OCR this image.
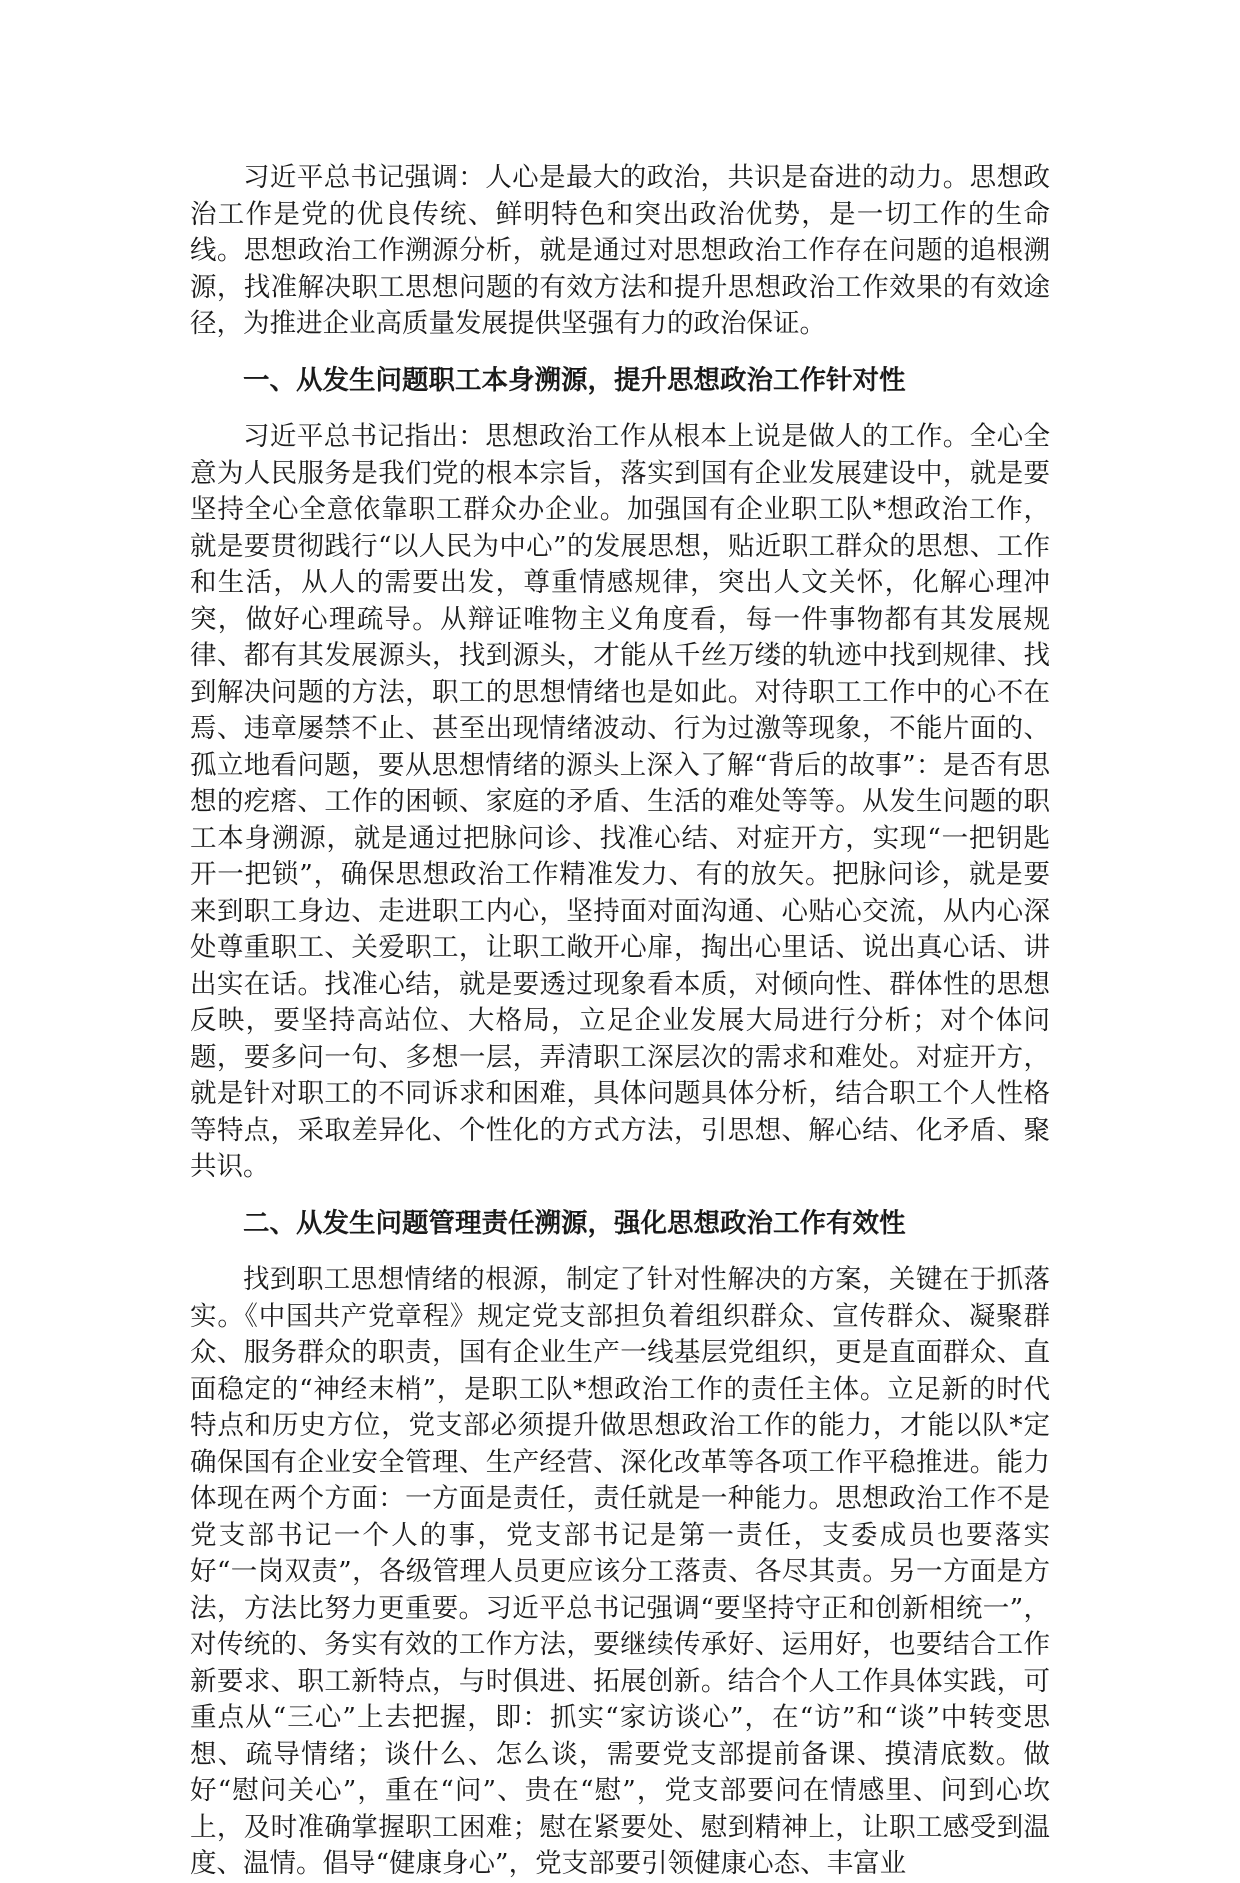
习近平总书记强调：人心是最大的政治，共识是奋进的动力。思想政治工作是党的优良传统、鲜明特色和突出政治优势，是一切工作的生命线。思想政治工作溯源分析，就是通过对思想政治工作存在问题的追根溯源，找准解决职工思想问题的有效方法和提升思想政治工作效果的有效途径，为推进企业高质量发展提供坚强有力的政治保证。

一、从发生问题职工本身溯源，提升思想政治工作针对性

习近平总书记指出：思想政治工作从根本上说是做人的工作。全心全意为人民服务是我们党的根本宗旨，落实到国有企业发展建设中，就是要坚持全心全意依靠职工群众办企业。加强国有企业职工队*想政治工作，就是要贯彻践行“以人民为中心”的发展思想，贴近职工群众的思想、工作和生活，从人的需要出发，尊重情感规律，突出人文关怀，化解心理冲突，做好心理疏导。从辩证唯物主义角度看，每一件事物都有其发展规律、都有其发展源头，找到源头，才能从千丝万缕的轨迹中找到规律、找到解决问题的方法，职工的思想情绪也是如此。对待职工工作中的心不在焉、违章屡禁不止、甚至出现情绪波动、行为过激等现象，不能片面的、孤立地看问题，要从思想情绪的源头上深入了解“背后的故事”：是否有思想的疙瘩、工作的困顿、家庭的矛盾、生活的难处等等。从发生问题的职工本身溯源，就是通过把脉问诊、找准心结、对症开方，实现“一把钥匙开一把锁”，确保思想政治工作精准发力、有的放矢。把脉问诊，就是要来到职工身边、走进职工内心，坚持面对面沟通、心贴心交流，从内心深处尊重职工、关爱职工，让职工敞开心扉，掏出心里话、说出真心话、讲出实在话。找准心结，就是要透过现象看本质，对倾向性、群体性的思想反映，要坚持高站位、大格局，立足企业发展大局进行分析；对个体问题，要多问一句、多想一层，弄清职工深层次的需求和难处。对症开方，就是针对职工的不同诉求和困难，具体问题具体分析，结合职工个人性格等特点，采取差异化、个性化的方式方法，引思想、解心结、化矛盾、聚共识。

二、从发生问题管理责任溯源，强化思想政治工作有效性

找到职工思想情绪的根源，制定了针对性解决的方案，关键在于抓落实。《中国共产党章程》规定党支部担负着组织群众、宣传群众、凝聚群众、服务群众的职责，国有企业生产一线基层党组织，更是直面群众、直面稳定的“神经末梢”，是职工队*想政治工作的责任主体。立足新的时代特点和历史方位，党支部必须提升做思想政治工作的能力，才能以队*定确保国有企业安全管理、生产经营、深化改革等各项工作平稳推进。能力体现在两个方面：一方面是责任，责任就是一种能力。思想政治工作不是党支部书记一个人的事，党支部书记是第一责任，支委成员也要落实好“一岗双责”，各级管理人员更应该分工落责、各尽其责。另一方面是方法，方法比努力更重要。习近平总书记强调“要坚持守正和创新相统一”，对传统的、务实有效的工作方法，要继续传承好、运用好，也要结合工作新要求、职工新特点，与时俱进、拓展创新。结合个人工作具体实践，可重点从“三心”上去把握，即：抓实“家访谈心”，在“访”和“谈”中转变思想、疏导情绪；谈什么、怎么谈，需要党支部提前备课、摸清底数。做好“慰问关心”，重在“问”、贵在“慰”，党支部要问在情感里、问到心坎上，及时准确掌握职工困难；慰在紧要处、慰到精神上，让职工感受到温度、温情。倡导“健康身心”，党支部要引领健康心态、丰富业
